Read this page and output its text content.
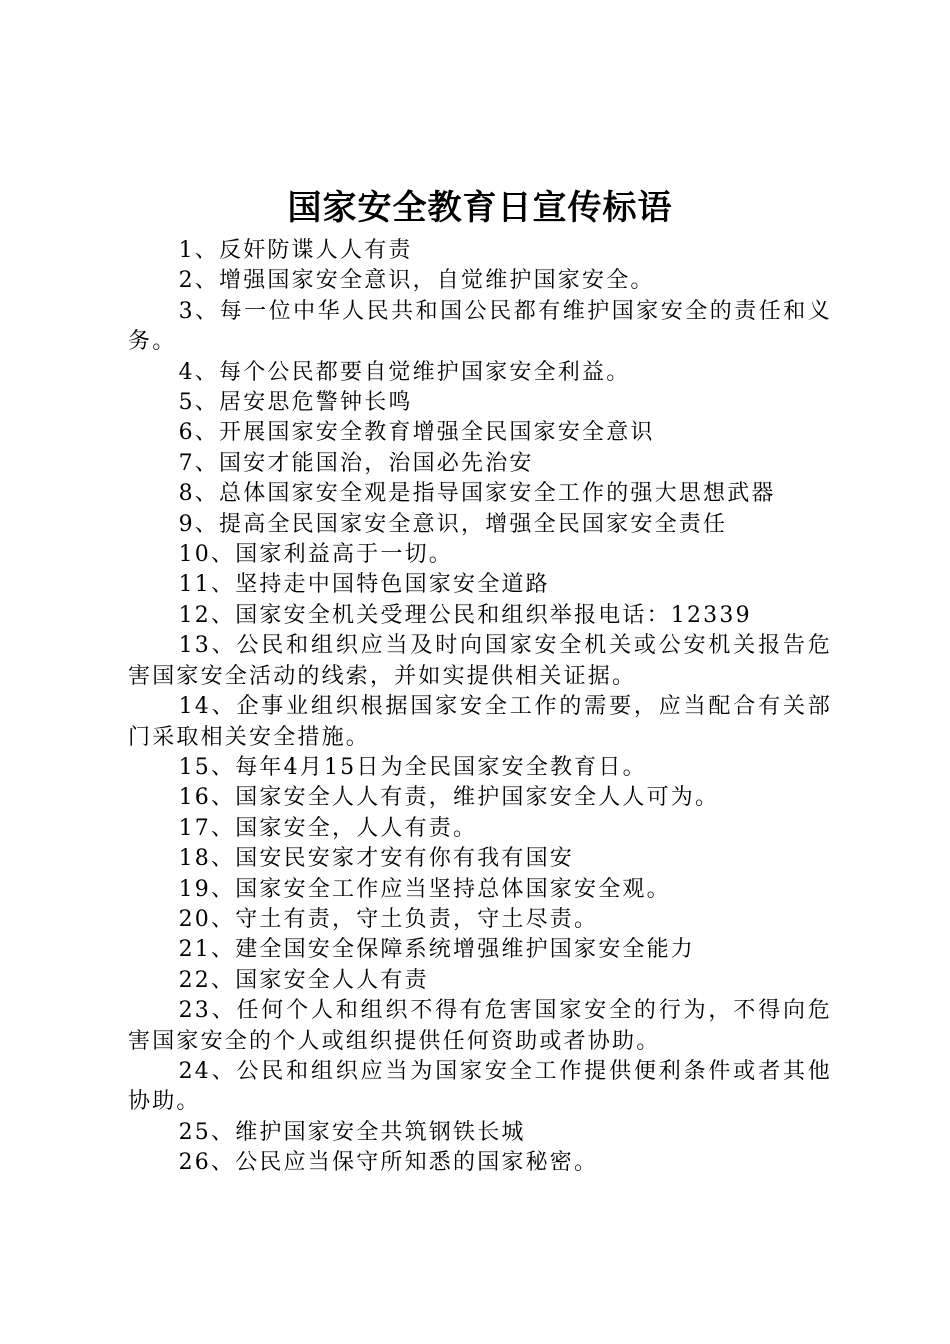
国家安全教育日宣传标语

1、反奸防谍人人有责

2、增强国家安全意识，自觉维护国家安全。

3、每一位中华人民共和国公民都有维护国家安全的责任和义务。

4、每个公民都要自觉维护国家安全利益。

5、居安思危警钟长鸣

6、开展国家安全教育增强全民国家安全意识

7、国安才能国治，治国必先治安

8、总体国家安全观是指导国家安全工作的强大思想武器

9、提高全民国家安全意识，增强全民国家安全责任

10、国家利益高于一切。

11、坚持走中国特色国家安全道路

12、国家安全机关受理公民和组织举报电话：12339

13、公民和组织应当及时向国家安全机关或公安机关报告危害国家安全活动的线索，并如实提供相关证据。

14、企事业组织根据国家安全工作的需要，应当配合有关部门采取相关安全措施。

15、每年4月15日为全民国家安全教育日。

16、国家安全人人有责，维护国家安全人人可为。

17、国家安全，人人有责。

18、国安民安家才安有你有我有国安

19、国家安全工作应当坚持总体国家安全观。

20、守土有责，守土负责，守土尽责。

21、建全国安全保障系统增强维护国家安全能力

22、国家安全人人有责

23、任何个人和组织不得有危害国家安全的行为，不得向危害国家安全的个人或组织提供任何资助或者协助。

24、公民和组织应当为国家安全工作提供便利条件或者其他协助。

25、维护国家安全共筑钢铁长城

26、公民应当保守所知悉的国家秘密。
